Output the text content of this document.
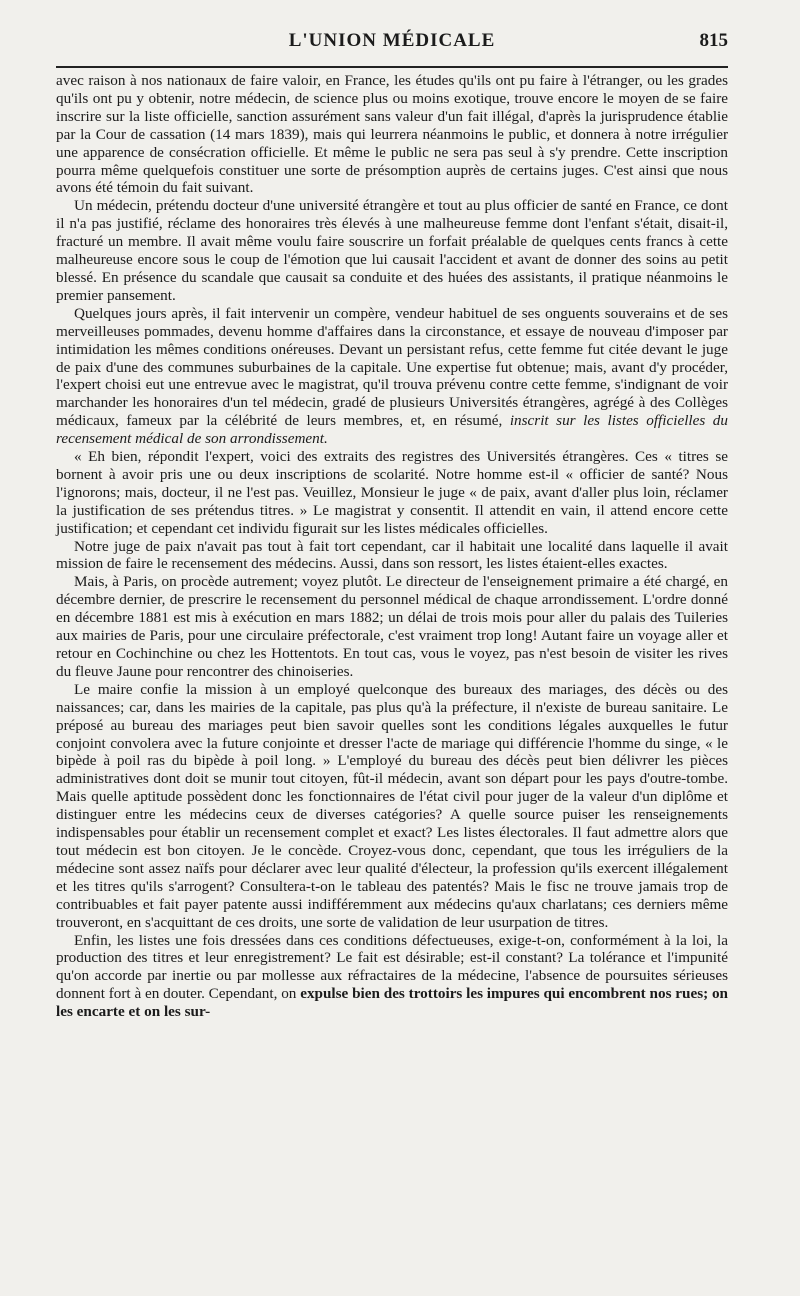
L'UNION MÉDICALE	815

avec raison à nos nationaux de faire valoir, en France, les études qu'ils ont pu faire à l'étranger, ou les grades qu'ils ont pu y obtenir, notre médecin, de science plus ou moins exotique, trouve encore le moyen de se faire inscrire sur la liste officielle, sanction assurément sans valeur d'un fait illégal, d'après la jurisprudence établie par la Cour de cassation (14 mars 1839), mais qui leurrera néanmoins le public, et donnera à notre irrégulier une apparence de consécration officielle. Et même le public ne sera pas seul à s'y prendre. Cette inscription pourra même quelquefois constituer une sorte de présomption auprès de certains juges. C'est ainsi que nous avons été témoin du fait suivant.

Un médecin, prétendu docteur d'une université étrangère et tout au plus officier de santé en France, ce dont il n'a pas justifié, réclame des honoraires très élevés à une malheureuse femme dont l'enfant s'était, disait-il, fracturé un membre. Il avait même voulu faire souscrire un forfait préalable de quelques cents francs à cette malheureuse encore sous le coup de l'émotion que lui causait l'accident et avant de donner des soins au petit blessé. En présence du scandale que causait sa conduite et des huées des assistants, il pratique néanmoins le premier pansement.

Quelques jours après, il fait intervenir un compère, vendeur habituel de ses onguents souverains et de ses merveilleuses pommades, devenu homme d'affaires dans la circonstance, et essaye de nouveau d'imposer par intimidation les mêmes conditions onéreuses. Devant un persistant refus, cette femme fut citée devant le juge de paix d'une des communes suburbaines de la capitale. Une expertise fut obtenue; mais, avant d'y procéder, l'expert choisi eut une entrevue avec le magistrat, qu'il trouva prévenu contre cette femme, s'indignant de voir marchander les honoraires d'un tel médecin, gradé de plusieurs Universités étrangères, agrégé à des Collèges médicaux, fameux par la célébrité de leurs membres, et, en résumé, inscrit sur les listes officielles du recensement médical de son arrondissement.

« Eh bien, répondit l'expert, voici des extraits des registres des Universités étrangères. Ces « titres se bornent à avoir pris une ou deux inscriptions de scolarité. Notre homme est-il « officier de santé? Nous l'ignorons; mais, docteur, il ne l'est pas. Veuillez, Monsieur le juge « de paix, avant d'aller plus loin, réclamer la justification de ses prétendus titres. » Le magistrat y consentit. Il attendit en vain, il attend encore cette justification; et cependant cet individu figurait sur les listes médicales officielles.

Notre juge de paix n'avait pas tout à fait tort cependant, car il habitait une localité dans laquelle il avait mission de faire le recensement des médecins. Aussi, dans son ressort, les listes étaient-elles exactes.

Mais, à Paris, on procède autrement; voyez plutôt. Le directeur de l'enseignement primaire a été chargé, en décembre dernier, de prescrire le recensement du personnel médical de chaque arrondissement. L'ordre donné en décembre 1881 est mis à exécution en mars 1882; un délai de trois mois pour aller du palais des Tuileries aux mairies de Paris, pour une circulaire préfectorale, c'est vraiment trop long! Autant faire un voyage aller et retour en Cochinchine ou chez les Hottentots. En tout cas, vous le voyez, pas n'est besoin de visiter les rives du fleuve Jaune pour rencontrer des chinoiseries.

Le maire confie la mission à un employé quelconque des bureaux des mariages, des décès ou des naissances; car, dans les mairies de la capitale, pas plus qu'à la préfecture, il n'existe de bureau sanitaire. Le préposé au bureau des mariages peut bien savoir quelles sont les conditions légales auxquelles le futur conjoint convolera avec la future conjointe et dresser l'acte de mariage qui différencie l'homme du singe, « le bipède à poil ras du bipède à poil long. » L'employé du bureau des décès peut bien délivrer les pièces administratives dont doit se munir tout citoyen, fût-il médecin, avant son départ pour les pays d'outre-tombe. Mais quelle aptitude possèdent donc les fonctionnaires de l'état civil pour juger de la valeur d'un diplôme et distinguer entre les médecins ceux de diverses catégories? A quelle source puiser les renseignements indispensables pour établir un recensement complet et exact? Les listes électorales. Il faut admettre alors que tout médecin est bon citoyen. Je le concède. Croyez-vous donc, cependant, que tous les irréguliers de la médecine sont assez naïfs pour déclarer avec leur qualité d'électeur, la profession qu'ils exercent illégalement et les titres qu'ils s'arrogent? Consultera-t-on le tableau des patentés? Mais le fisc ne trouve jamais trop de contribuables et fait payer patente aussi indifféremment aux médecins qu'aux charlatans; ces derniers même trouveront, en s'acquittant de ces droits, une sorte de validation de leur usurpation de titres.

Enfin, les listes une fois dressées dans ces conditions défectueuses, exige-t-on, conformément à la loi, la production des titres et leur enregistrement? Le fait est désirable; est-il constant? La tolérance et l'impunité qu'on accorde par inertie ou par mollesse aux réfractaires de la médecine, l'absence de poursuites sérieuses donnent fort à en douter. Cependant, on expulse bien des trottoirs les impures qui encombrent nos rues; on les encarte et on les sur-
